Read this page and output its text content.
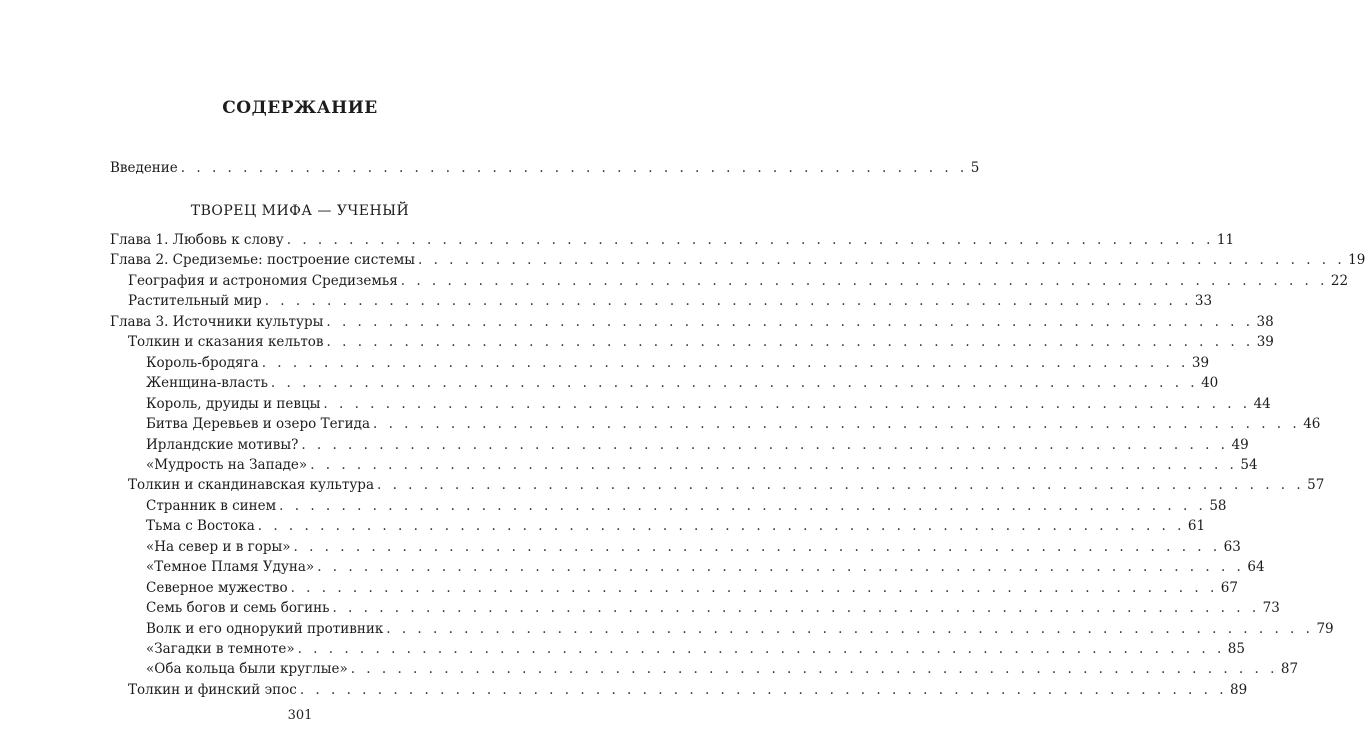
СОДЕРЖАНИЕ
Введение . . . . . . . . . . . . . . . . . . . . . . . . . . . . . . . . . . . . . . . . . . . . . . . . . . . 5
ТВОРЕЦ МИФА — УЧЕНЫЙ
Глава 1. Любовь к слову . . . . . . . . . . . . . . . . . . . . . . . . . . . . . . . . . . . . . . . . . . . . . . . . . . . . . . . . . . . . 11
Глава 2. Средиземье: построение системы . . . . . . . . . . . . . . . . . . . . . . . . . . . . . . . . . . . . . . . . . . . . . . . . . . . . . . . . . . . . 19
География и астрономия Средиземья . . . . . . . . . . . . . . . . . . . . . . . . . . . . . . . . . . . . . . . . . . . . . . . . . . . . . . . . . . . . 22
Растительный мир . . . . . . . . . . . . . . . . . . . . . . . . . . . . . . . . . . . . . . . . . . . . . . . . . . . . . . . . . . . . 33
Глава 3. Источники культуры . . . . . . . . . . . . . . . . . . . . . . . . . . . . . . . . . . . . . . . . . . . . . . . . . . . . . . . . . . . . 38
Толкин и сказания кельтов . . . . . . . . . . . . . . . . . . . . . . . . . . . . . . . . . . . . . . . . . . . . . . . . . . . . . . . . . . . . 39
Король-бродяга . . . . . . . . . . . . . . . . . . . . . . . . . . . . . . . . . . . . . . . . . . . . . . . . . . . . . . . . . . . . 39
Женщина-власть . . . . . . . . . . . . . . . . . . . . . . . . . . . . . . . . . . . . . . . . . . . . . . . . . . . . . . . . . . . . 40
Король, друиды и певцы . . . . . . . . . . . . . . . . . . . . . . . . . . . . . . . . . . . . . . . . . . . . . . . . . . . . . . . . . . . . 44
Битва Деревьев и озеро Тегида . . . . . . . . . . . . . . . . . . . . . . . . . . . . . . . . . . . . . . . . . . . . . . . . . . . . . . . . . . . . 46
Ирландские мотивы? . . . . . . . . . . . . . . . . . . . . . . . . . . . . . . . . . . . . . . . . . . . . . . . . . . . . . . . . . . . . 49
«Мудрость на Западе» . . . . . . . . . . . . . . . . . . . . . . . . . . . . . . . . . . . . . . . . . . . . . . . . . . . . . . . . . . . . 54
Толкин и скандинавская культура . . . . . . . . . . . . . . . . . . . . . . . . . . . . . . . . . . . . . . . . . . . . . . . . . . . . . . . . . . . . 57
Странник в синем . . . . . . . . . . . . . . . . . . . . . . . . . . . . . . . . . . . . . . . . . . . . . . . . . . . . . . . . . . . . 58
Тьма с Востока . . . . . . . . . . . . . . . . . . . . . . . . . . . . . . . . . . . . . . . . . . . . . . . . . . . . . . . . . . . . 61
«На север и в горы» . . . . . . . . . . . . . . . . . . . . . . . . . . . . . . . . . . . . . . . . . . . . . . . . . . . . . . . . . . . . 63
«Темное Пламя Удуна» . . . . . . . . . . . . . . . . . . . . . . . . . . . . . . . . . . . . . . . . . . . . . . . . . . . . . . . . . . . . 64
Северное мужество . . . . . . . . . . . . . . . . . . . . . . . . . . . . . . . . . . . . . . . . . . . . . . . . . . . . . . . . . . . . 67
Семь богов и семь богинь . . . . . . . . . . . . . . . . . . . . . . . . . . . . . . . . . . . . . . . . . . . . . . . . . . . . . . . . . . . . 73
Волк и его однорукий противник . . . . . . . . . . . . . . . . . . . . . . . . . . . . . . . . . . . . . . . . . . . . . . . . . . . . . . . . . . . . 79
«Загадки в темноте» . . . . . . . . . . . . . . . . . . . . . . . . . . . . . . . . . . . . . . . . . . . . . . . . . . . . . . . . . . . . 85
«Оба кольца были круглые» . . . . . . . . . . . . . . . . . . . . . . . . . . . . . . . . . . . . . . . . . . . . . . . . . . . . . . . . . . . . 87
Толкин и финский эпос . . . . . . . . . . . . . . . . . . . . . . . . . . . . . . . . . . . . . . . . . . . . . . . . . . . . . . . . . . . . 89
301
